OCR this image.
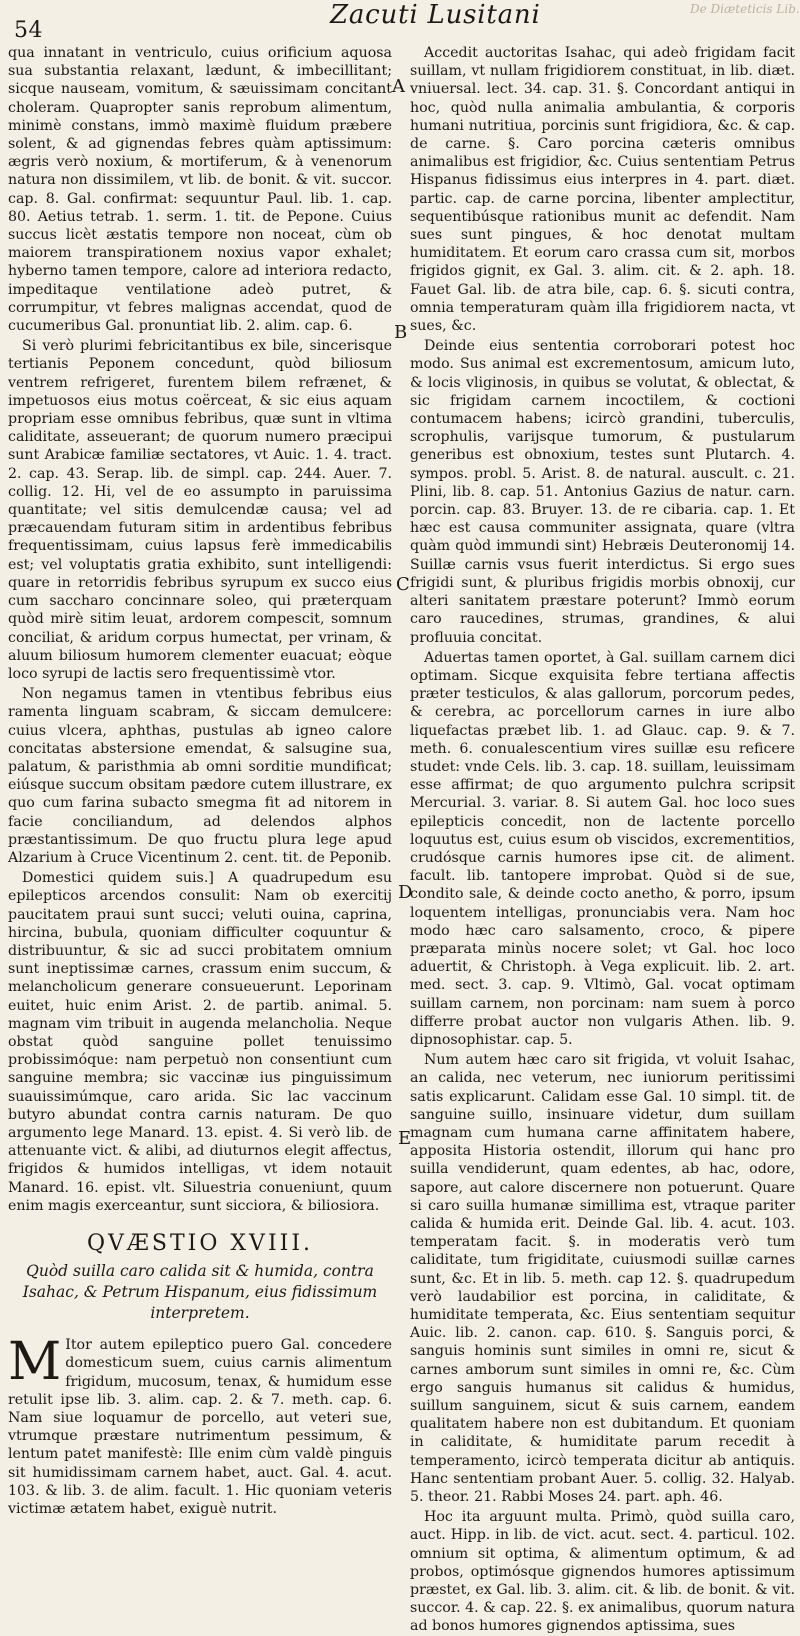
54
Zacuti Lusitani	De Diæteticis Lib.
A
B
C
D
E

qua innatant in ventriculo, cuius orificium aquosa sua substantia relaxant, lædunt, & imbecillitant; sicque nauseam, vomitum, & sæuissimam concitant choleram. Quapropter sanis reprobum alimentum, minimè constans, immò maximè fluidum præbere solent, & ad gignendas febres quàm aptissimum: ægris verò noxium, & mortiferum, & à venenorum natura non dissimilem, vt lib. de bonit. & vit. succor. cap. 8. Gal. confirmat: sequuntur Paul. lib. 1. cap. 80. Aetius tetrab. 1. serm. 1. tit. de Pepone. Cuius succus licèt æstatis tempore non noceat, cùm ob maiorem transpirationem noxius vapor exhalet; hyberno tamen tempore, calore ad interiora redacto, impeditaque ventilatione adeò putret, & corrumpitur, vt febres malignas accendat, quod de cucumeribus Gal. pronuntiat lib. 2. alim. cap. 6.

Si verò plurimi febricitantibus ex bile, sincerisque tertianis Peponem concedunt, quòd biliosum ventrem refrigeret, furentem bilem refrænet, & impetuosos eius motus coërceat, & sic eius aquam propriam esse omnibus febribus, quæ sunt in vltima caliditate, asseuerant; de quorum numero præcipui sunt Arabicæ familiæ sectatores, vt Auic. 1. 4. tract. 2. cap. 43. Serap. lib. de simpl. cap. 244. Auer. 7. collig. 12. Hi, vel de eo assumpto in paruissima quantitate; vel sitis demulcendæ causa; vel ad præcauendam futuram sitim in ardentibus febribus frequentissimam, cuius lapsus ferè immedicabilis est; vel voluptatis gratia exhibito, sunt intelligendi: quare in retorridis febribus syrupum ex succo eius cum saccharo concinnare soleo, qui præterquam quòd mirè sitim leuat, ardorem compescit, somnum conciliat, & aridum corpus humectat, per vrinam, & aluum biliosum humorem clementer euacuat; eòque loco syrupi de lactis sero frequentissimè vtor.

Non negamus tamen in vtentibus febribus eius ramenta linguam scabram, & siccam demulcere: cuius vlcera, aphthas, pustulas ab igneo calore concitatas abstersione emendat, & salsugine sua, palatum, & paristhmia ab omni sorditie mundificat; eiúsque succum obsitam pædore cutem illustrare, ex quo cum farina subacto smegma fit ad nitorem in facie conciliandum, ad delendos alphos præstantissimum. De quo fructu plura lege apud Alzarium à Cruce Vicentinum 2. cent. tit. de Peponib.

Domestici quidem suis.] A quadrupedum esu epilepticos arcendos consulit: Nam ob exercitij paucitatem praui sunt succi; veluti ouina, caprina, hircina, bubula, quoniam difficulter coquuntur & distribuuntur, & sic ad succi probitatem omnium sunt ineptissimæ carnes, crassum enim succum, & melancholicum generare consueuerunt. Leporinam euitet, huic enim Arist. 2. de partib. animal. 5. magnam vim tribuit in augenda melancholia. Neque obstat quòd sanguine pollet tenuissimo probissimóque: nam perpetuò non consentiunt cum sanguine membra; sic vaccinæ ius pinguissimum suauissimúmque, caro arida. Sic lac vaccinum butyro abundat contra carnis naturam. De quo argumento lege Manard. 13. epist. 4. Si verò lib. de attenuante vict. & alibi, ad diuturnos elegit affectus, frigidos & humidos intelligas, vt idem notauit Manard. 16. epist. vlt. Siluestria conueniunt, quum enim magis exerceantur, sunt sicciora, & biliosiora.

QVÆSTIO XVIII.
Quòd suilla caro calida sit & humida, contra Isahac, & Petrum Hispanum, eius fidissimum interpretem.

M Itor autem epileptico puero Gal. concedere domesticum suem, cuius carnis alimentum frigidum, mucosum, tenax, & humidum esse retulit ipse lib. 3. alim. cap. 2. & 7. meth. cap. 6. Nam siue loquamur de porcello, aut veteri sue, vtrumque præstare nutrimentum pessimum, & lentum patet manifestè: Ille enim cùm valdè pinguis sit humidissimam carnem habet, auct. Gal. 4. acut. 103. & lib. 3. de alim. facult. 1. Hic quoniam veteris victimæ ætatem habet, exiguè nutrit.

Accedit auctoritas Isahac, qui adeò frigidam facit suillam, vt nullam frigidiorem constituat, in lib. diæt. vniuersal. lect. 34. cap. 31. §. Concordant antiqui in hoc, quòd nulla animalia ambulantia, & corporis humani nutritiua, porcinis sunt frigidiora, &c. & cap. de carne. §. Caro porcina cæteris omnibus animalibus est frigidior, &c. Cuius sententiam Petrus Hispanus fidissimus eius interpres in 4. part. diæt. partic. cap. de carne porcina, libenter amplectitur, sequentibúsque rationibus munit ac defendit. Nam sues sunt pingues, & hoc denotat multam humiditatem. Et eorum caro crassa cum sit, morbos frigidos gignit, ex Gal. 3. alim. cit. & 2. aph. 18. Fauet Gal. lib. de atra bile, cap. 6. §. sicuti contra, omnia temperaturam quàm illa frigidiorem nacta, vt sues, &c.

Deinde eius sententia corroborari potest hoc modo. Sus animal est excrementosum, amicum luto, & locis vliginosis, in quibus se volutat, & oblectat, & sic frigidam carnem incoctilem, & coctioni contumacem habens; icircò grandini, tuberculis, scrophulis, varijsque tumorum, & pustularum generibus est obnoxium, testes sunt Plutarch. 4. sympos. probl. 5. Arist. 8. de natural. auscult. c. 21. Plini, lib. 8. cap. 51. Antonius Gazius de natur. carn. porcin. cap. 83. Bruyer. 13. de re cibaria. cap. 1. Et hæc est causa communiter assignata, quare (vltra quàm quòd immundi sint) Hebræis Deuteronomij 14. Suillæ carnis vsus fuerit interdictus. Si ergo sues frigidi sunt, & pluribus frigidis morbis obnoxij, cur alteri sanitatem præstare poterunt? Immò eorum caro raucedines, strumas, grandines, & alui profluuia concitat.

Aduertas tamen oportet, à Gal. suillam carnem dici optimam. Sicque exquisita febre tertiana affectis præter testiculos, & alas gallorum, porcorum pedes, & cerebra, ac porcellorum carnes in iure albo liquefactas præbet lib. 1. ad Glauc. cap. 9. & 7. meth. 6. conualescentium vires suillæ esu reficere studet: vnde Cels. lib. 3. cap. 18. suillam, leuissimam esse affirmat; de quo argumento pulchra scripsit Mercurial. 3. variar. 8. Si autem Gal. hoc loco sues epilepticis concedit, non de lactente porcello loquutus est, cuius esum ob viscidos, excrementitios, crudósque carnis humores ipse cit. de aliment. facult. lib. tantopere improbat. Quòd si de sue, condito sale, & deinde cocto anetho, & porro, ipsum loquentem intelligas, pronunciabis vera. Nam hoc modo hæc caro salsamento, croco, & pipere præparata minùs nocere solet; vt Gal. hoc loco aduertit, & Christoph. à Vega explicuit. lib. 2. art. med. sect. 3. cap. 9. Vltimò, Gal. vocat optimam suillam carnem, non porcinam: nam suem à porco differre probat auctor non vulgaris Athen. lib. 9. dipnosophistar. cap. 5.

Num autem hæc caro sit frigida, vt voluit Isahac, an calida, nec veterum, nec iuniorum peritissimi satis explicarunt. Calidam esse Gal. 10 simpl. tit. de sanguine suillo, insinuare videtur, dum suillam magnam cum humana carne affinitatem habere, apposita Historia ostendit, illorum qui hanc pro suilla vendiderunt, quam edentes, ab hac, odore, sapore, aut calore discernere non potuerunt. Quare si caro suilla humanæ simillima est, vtraque pariter calida & humida erit. Deinde Gal. lib. 4. acut. 103. temperatam facit. §. in moderatis verò tum caliditate, tum frigiditate, cuiusmodi suillæ carnes sunt, &c. Et in lib. 5. meth. cap 12. §. quadrupedum verò laudabilior est porcina, in caliditate, & humiditate temperata, &c. Eius sententiam sequitur Auic. lib. 2. canon. cap. 610. §. Sanguis porci, & sanguis hominis sunt similes in omni re, sicut & carnes amborum sunt similes in omni re, &c. Cùm ergo sanguis humanus sit calidus & humidus, suillum sanguinem, sicut & suis carnem, eandem qualitatem habere non est dubitandum. Et quoniam in caliditate, & humiditate parum recedit à temperamento, icircò temperata dicitur ab antiquis. Hanc sententiam probant Auer. 5. collig. 32. Halyab. 5. theor. 21. Rabbi Moses 24. part. aph. 46.

Hoc ita arguunt multa. Primò, quòd suilla caro, auct. Hipp. in lib. de vict. acut. sect. 4. particul. 102. omnium sit optima, & alimentum optimum, & ad probos, optimósque gignendos humores aptissimum præstet, ex Gal. lib. 3. alim. cit. & lib. de bonit. & vit. succor. 4. & cap. 22. §. ex animalibus, quorum natura ad bonos humores gignendos aptissima, sues
